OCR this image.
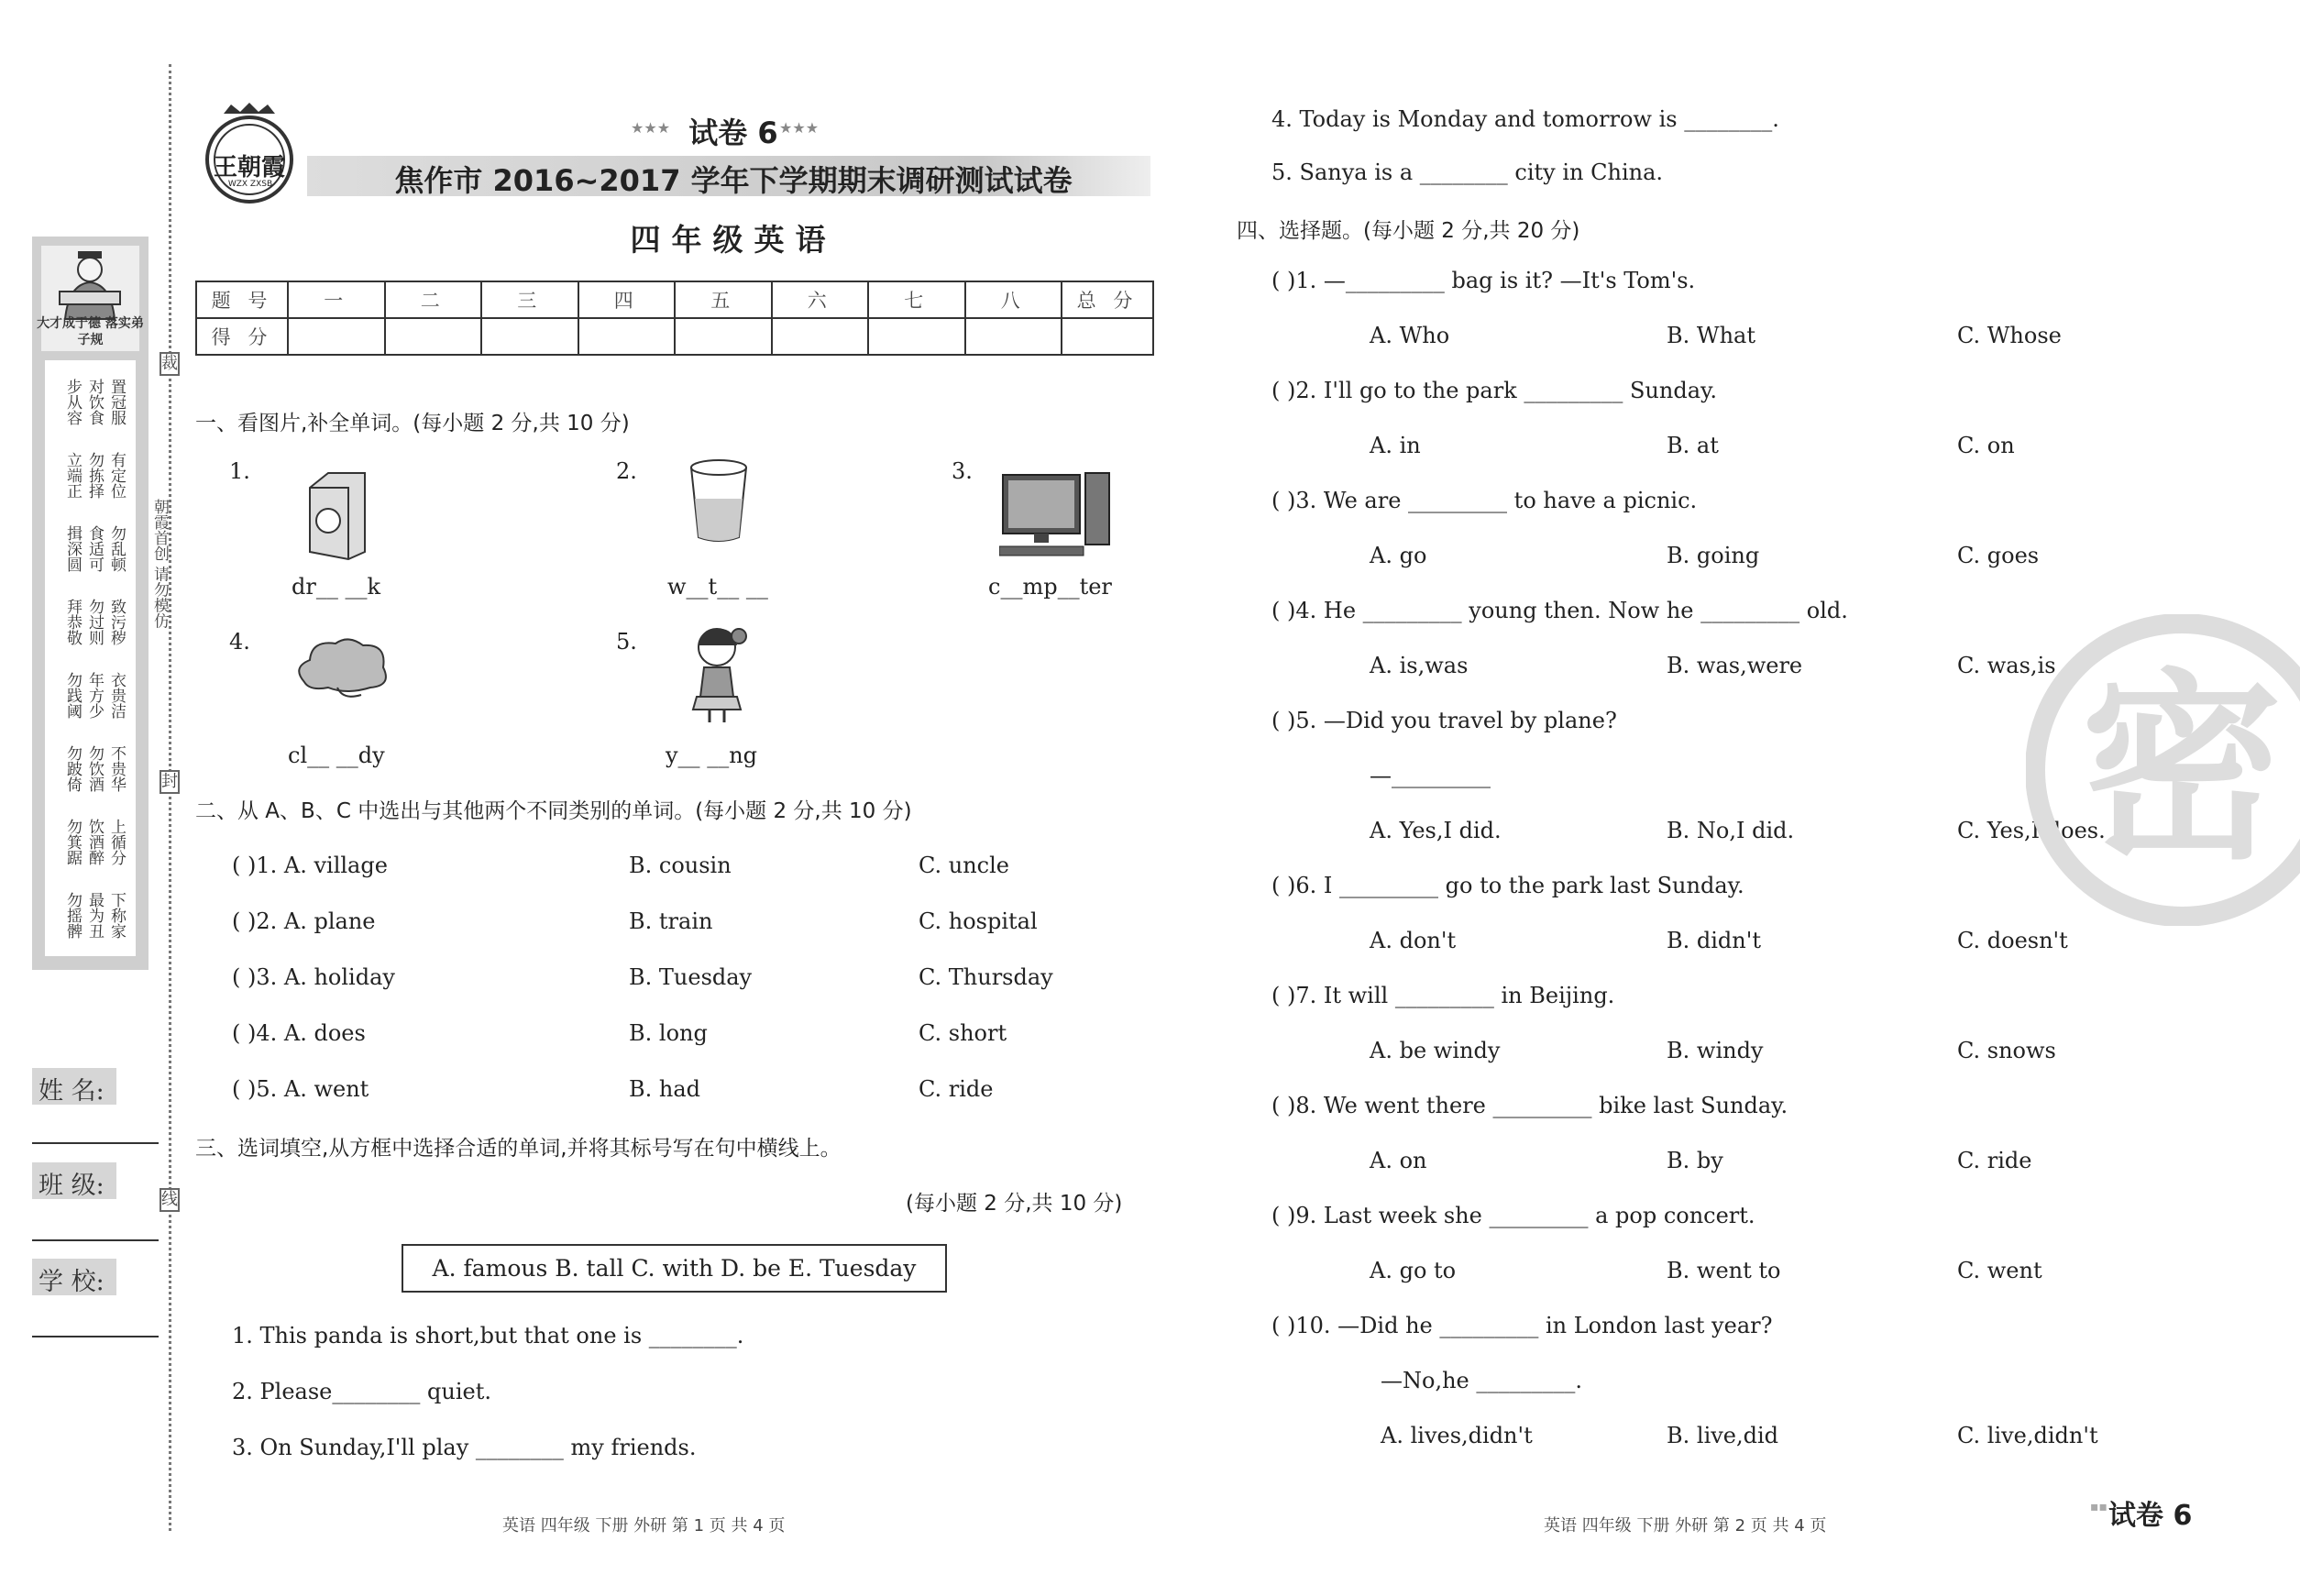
裁
封
线
朝霞首创 请勿模仿
大才成于德 落实弟子规
步从容 对饮食 置冠服
立端正 勿拣择 有定位
揖深圆 食适可 勿乱顿
拜恭敬 勿过则 致污秽
勿践阈 年方少 衣贵洁
勿跛倚 勿饮酒 不贵华
勿箕踞 饮酒醉 上循分
勿摇髀 最为丑 下称家
姓 名:
班 级:
学 校:
王朝霞
WZX ZXSB
★★★ 试卷 6 ★★★
焦作市 2016~2017 学年下学期期末调研测试试卷
四年级英语
题 号	一	二	三	四	五	六	七	八	总 分
得 分									
一、看图片,补全单词。(每小题 2 分,共 10 分)
1.
dr__ __k
2.
w__t__ __
3.
c__mp__ter
4.
cl__ __dy
5.
y__ __ng
二、从 A、B、C 中选出与其他两个不同类别的单词。(每小题 2 分,共 10 分)
( )1. A. village	B. cousin	C. uncle
( )2. A. plane	B. train	C. hospital
( )3. A. holiday	B. Tuesday	C. Thursday
( )4. A. does	B. long	C. short
( )5. A. went	B. had	C. ride
三、选词填空,从方框中选择合适的单词,并将其标号写在句中横线上。
(每小题 2 分,共 10 分)
A. famous B. tall C. with D. be E. Tuesday
1. This panda is short,but that one is ________.
2. Please________ quiet.
3. On Sunday,I'll play ________ my friends.
4. Today is Monday and tomorrow is ________.
5. Sanya is a ________ city in China.
四、选择题。(每小题 2 分,共 20 分)
( )1. —_________ bag is it? —It's Tom's.
A. Who	B. What	C. Whose
( )2. I'll go to the park _________ Sunday.
A. in	B. at	C. on
( )3. We are _________ to have a picnic.
A. go	B. going	C. goes
( )4. He _________ young then. Now he _________ old.
A. is,was	B. was,were	C. was,is
( )5. —Did you travel by plane?
—_________
A. Yes,I did.	B. No,I did.	C. Yes,I does.
( )6. I _________ go to the park last Sunday.
A. don't	B. didn't	C. doesn't
( )7. It will _________ in Beijing.
A. be windy	B. windy	C. snows
( )8. We went there _________ bike last Sunday.
A. on	B. by	C. ride
( )9. Last week she _________ a pop concert.
A. go to	B. went to	C. went
( )10. —Did he _________ in London last year?
—No,he _________.
A. lives,didn't	B. live,did	C. live,didn't
密
英语 四年级 下册 外研 第 1 页 共 4 页	英语 四年级 下册 外研 第 2 页 共 4 页
▪▪ 试卷 6
